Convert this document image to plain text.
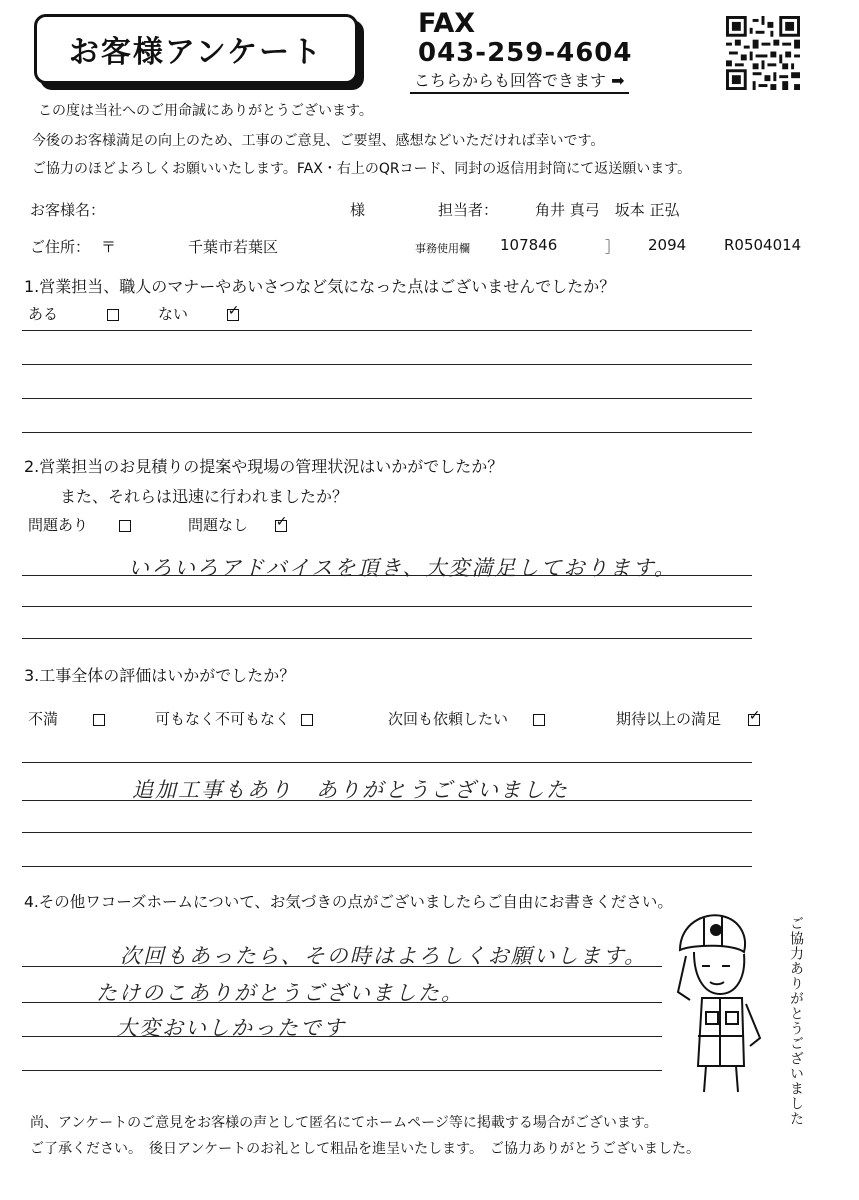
お客様アンケート
FAX
043-259-4604
こちらからも回答できます ➡
この度は当社へのご用命誠にありがとうございます。
今後のお客様満足の向上のため、工事のご意見、ご要望、感想などいただければ幸いです。
ご協力のほどよろしくお願いいたします。FAX・右上のQRコード、同封の返信用封筒にて返送願います。
お客様名：	様	担当者： 角井 真弓　坂本 正弘
ご住所： 〒	千葉市若葉区	事務使用欄 107846	］ 2094	R0504014
1.営業担当、職人のマナーやあいさつなど気になった点はございませんでしたか？
ある	ない ✓
2.営業担当のお見積りの提案や現場の管理状況はいかがでしたか？
また、それらは迅速に行われましたか？
問題あり	問題なし ✓
いろいろアドバイスを頂き、大変満足しております。
3.工事全体の評価はいかがでしたか？
不満	可もなく不可もなく	次回も依頼したい	期待以上の満足 ✓
追加工事もあり　ありがとうございました
4.その他ワコーズホームについて、お気づきの点がございましたらご自由にお書きください。
次回もあったら、その時はよろしくお願いします。
たけのこありがとうございました。
大変おいしかったです	ご協力ありがとうございました
尚、アンケートのご意見をお客様の声として匿名にてホームページ等に掲載する場合がございます。
ご了承ください。　後日アンケートのお礼として粗品を進呈いたします。　ご協力ありがとうございました。
